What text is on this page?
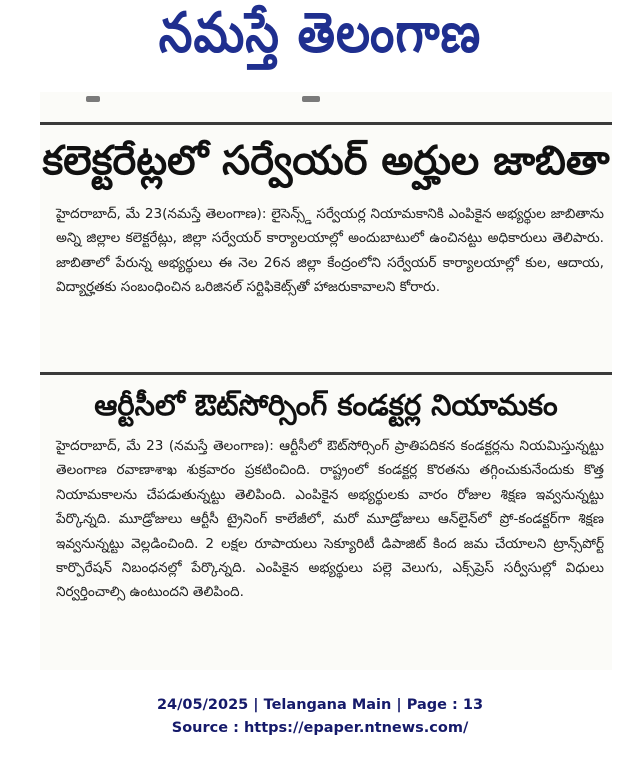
నమస్తే తెలంగాణ
కలెక్టరేట్లలో సర్వేయర్ అర్హుల జాబితా
హైదరాబాద్, మే 23(నమస్తే తెలంగాణ): లైసెన్స్డ్ సర్వేయర్ల నియామకానికి ఎంపికైన అభ్యర్థుల జాబితాను అన్ని జిల్లాల కలెక్టరేట్లు, జిల్లా సర్వేయర్ కార్యాలయాల్లో అందుబాటులో ఉంచినట్టు అధికారులు తెలిపారు. జాబితాలో పేరున్న అభ్యర్థులు ఈ నెల 26న జిల్లా కేంద్రంలోని సర్వేయర్ కార్యాలయాల్లో కుల, ఆదాయ, విద్యార్హతకు సంబంధించిన ఒరిజినల్ సర్టిఫికెట్స్‌తో హాజరుకావాలని కోరారు.
ఆర్టీసీలో ఔట్‌సోర్సింగ్ కండక్టర్ల నియామకం
హైదరాబాద్, మే 23 (నమస్తే తెలంగాణ): ఆర్టీసీలో ఔట్‌సోర్సింగ్ ప్రాతిపదికన కండక్టర్లను నియమిస్తున్నట్టు తెలంగాణ రవాణాశాఖ శుక్రవారం ప్రకటించింది. రాష్ట్రంలో కండక్టర్ల కొరతను తగ్గించుకునేందుకు కొత్త నియామకాలను చేపడుతున్నట్టు తెలిపింది. ఎంపికైన అభ్యర్థులకు వారం రోజుల శిక్షణ ఇవ్వనున్నట్టు పేర్కొన్నది. మూడ్రోజులు ఆర్టీసీ ట్రైనింగ్ కాలేజీలో, మరో మూడ్రోజులు ఆన్‌లైన్‌లో ప్రో-కండక్టర్‌గా శిక్షణ ఇవ్వనున్నట్టు వెల్లడించింది. 2 లక్షల రూపాయలు సెక్యూరిటీ డిపాజిట్ కింద జమ చేయాలని ట్రాన్స్‌పోర్ట్ కార్పొరేషన్ నిబంధనల్లో పేర్కొన్నది. ఎంపికైన అభ్యర్థులు పల్లె వెలుగు, ఎక్స్‌ప్రెస్ సర్వీసుల్లో విధులు నిర్వర్తించాల్సి ఉంటుందని తెలిపింది.
24/05/2025 | Telangana Main | Page : 13
Source : https://epaper.ntnews.com/
